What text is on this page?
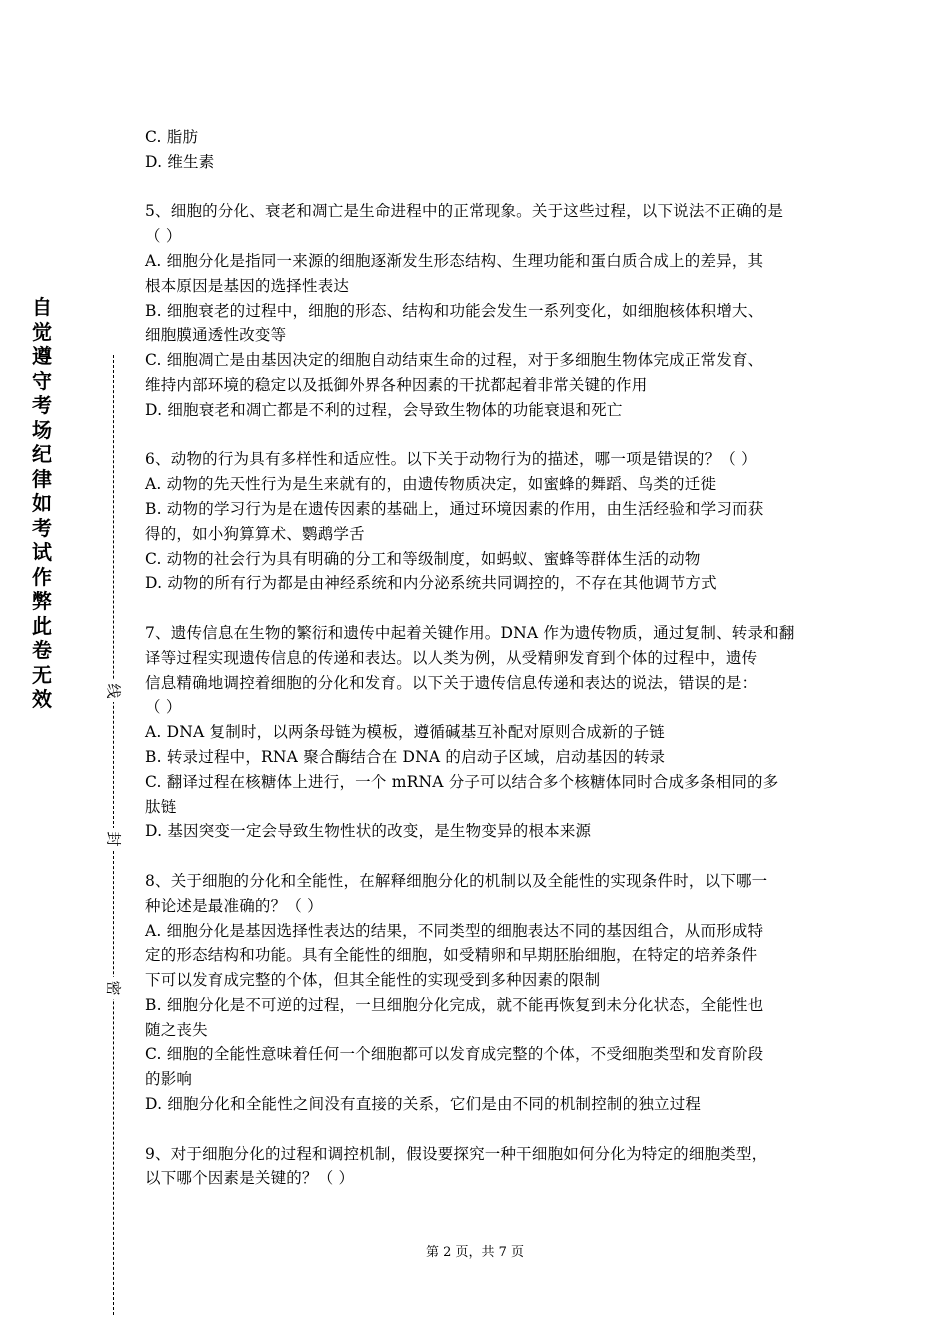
自觉遵守考场纪律如考试作弊此卷无效	线
封
密

C. 脂肪

D. 维生素

5、细胞的分化、衰老和凋亡是生命进程中的正常现象。关于这些过程，以下说法不正确的是

（ ）

A. 细胞分化是指同一来源的细胞逐渐发生形态结构、生理功能和蛋白质合成上的差异，其

根本原因是基因的选择性表达

B. 细胞衰老的过程中，细胞的形态、结构和功能会发生一系列变化，如细胞核体积增大、

细胞膜通透性改变等

C. 细胞凋亡是由基因决定的细胞自动结束生命的过程，对于多细胞生物体完成正常发育、

维持内部环境的稳定以及抵御外界各种因素的干扰都起着非常关键的作用

D. 细胞衰老和凋亡都是不利的过程，会导致生物体的功能衰退和死亡

6、动物的行为具有多样性和适应性。以下关于动物行为的描述，哪一项是错误的？（ ）

A. 动物的先天性行为是生来就有的，由遗传物质决定，如蜜蜂的舞蹈、鸟类的迁徙

B. 动物的学习行为是在遗传因素的基础上，通过环境因素的作用，由生活经验和学习而获

得的，如小狗算算术、鹦鹉学舌

C. 动物的社会行为具有明确的分工和等级制度，如蚂蚁、蜜蜂等群体生活的动物

D. 动物的所有行为都是由神经系统和内分泌系统共同调控的，不存在其他调节方式

7、遗传信息在生物的繁衍和遗传中起着关键作用。DNA 作为遗传物质，通过复制、转录和翻

译等过程实现遗传信息的传递和表达。以人类为例，从受精卵发育到个体的过程中，遗传

信息精确地调控着细胞的分化和发育。以下关于遗传信息传递和表达的说法，错误的是：

（ ）

A. DNA 复制时，以两条母链为模板，遵循碱基互补配对原则合成新的子链

B. 转录过程中，RNA 聚合酶结合在 DNA 的启动子区域，启动基因的转录

C. 翻译过程在核糖体上进行，一个 mRNA 分子可以结合多个核糖体同时合成多条相同的多

肽链

D. 基因突变一定会导致生物性状的改变，是生物变异的根本来源

8、关于细胞的分化和全能性，在解释细胞分化的机制以及全能性的实现条件时，以下哪一

种论述是最准确的？（ ）

A. 细胞分化是基因选择性表达的结果，不同类型的细胞表达不同的基因组合，从而形成特

定的形态结构和功能。具有全能性的细胞，如受精卵和早期胚胎细胞，在特定的培养条件

下可以发育成完整的个体，但其全能性的实现受到多种因素的限制

B. 细胞分化是不可逆的过程，一旦细胞分化完成，就不能再恢复到未分化状态，全能性也

随之丧失

C. 细胞的全能性意味着任何一个细胞都可以发育成完整的个体，不受细胞类型和发育阶段

的影响

D. 细胞分化和全能性之间没有直接的关系，它们是由不同的机制控制的独立过程

9、对于细胞分化的过程和调控机制，假设要探究一种干细胞如何分化为特定的细胞类型，

以下哪个因素是关键的？（ ）

第 2 页，共 7 页
